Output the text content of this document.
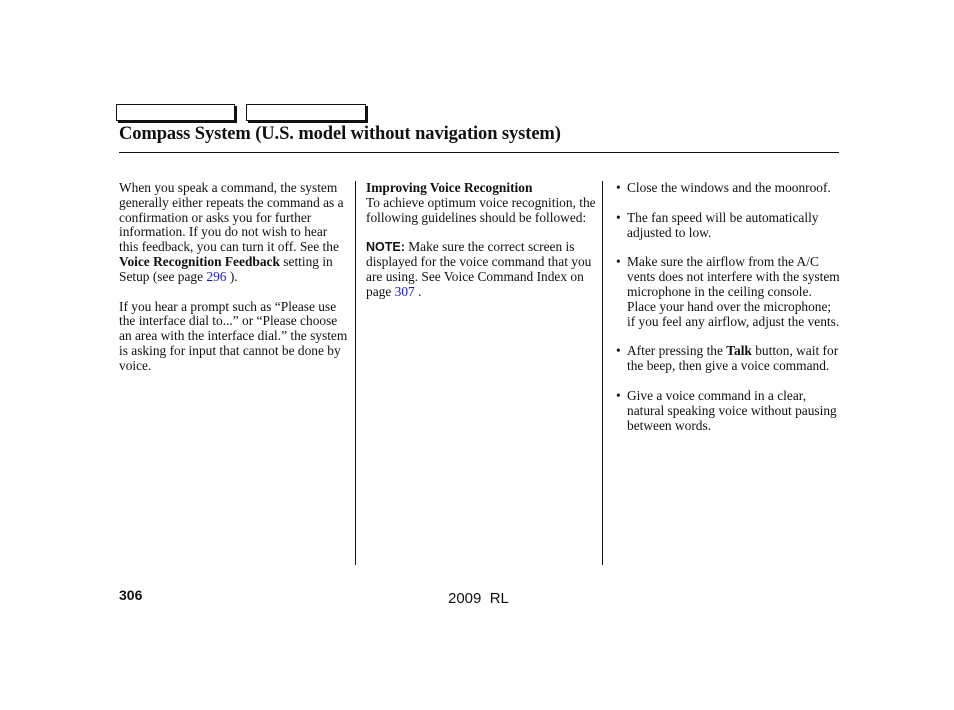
Compass System (U.S. model without navigation system)

When you speak a command, the system generally either repeats the command as a confirmation or asks you for further information. If you do not wish to hear this feedback, you can turn it off. See the Voice Recognition Feedback setting in Setup (see page 296 ).

If you hear a prompt such as “Please use the interface dial to...” or “Please choose an area with the interface dial.” the system is asking for input that cannot be done by voice.

Improving Voice Recognition
To achieve optimum voice recognition, the following guidelines should be followed:

NOTE: Make sure the correct screen is displayed for the voice command that you are using. See Voice Command Index on page 307 .

• Close the windows and the moonroof.
• The fan speed will be automatically adjusted to low.
• Make sure the airflow from the A/C vents does not interfere with the system microphone in the ceiling console. Place your hand over the microphone; if you feel any airflow, adjust the vents.
• After pressing the Talk button, wait for the beep, then give a voice command.
• Give a voice command in a clear, natural speaking voice without pausing between words.
306	2009  RL
